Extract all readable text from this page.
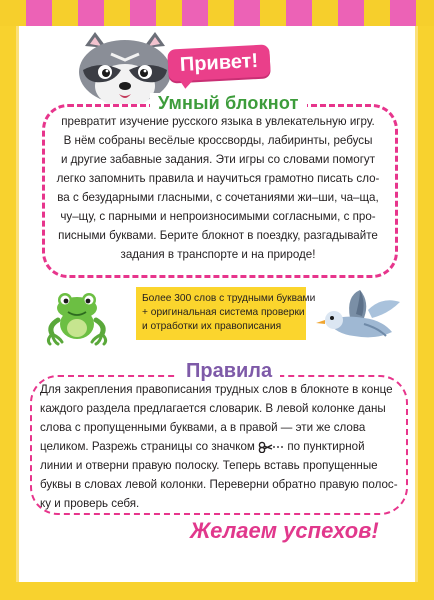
Привет!
Умный блокнот
превратит изучение русского языка в увлекательную игру.
В нём собраны весёлые кроссворды, лабиринты, ребусы
и другие забавные задания. Эти игры со словами помогут
легко запомнить правила и научиться грамотно писать сло-
ва с безударными гласными, с сочетаниями жи–ши, ча–ща,
чу–щу, с парными и непроизносимыми согласными, с про-
писными буквами. Берите блокнот в поездку, разгадывайте
задания в транспорте и на природе!
Более 300 слов с трудными буквами
+ оригинальная система проверки
и отработки их правописания
Правила
Для закрепления правописания трудных слов в блокноте в конце
каждого раздела предлагается словарик. В левой колонке даны
слова с пропущенными буквами, а в правой — эти же слова
целиком. Разрежь страницы со значком	по пунктирной
линии и отверни правую полоску. Теперь вставь пропущенные
буквы в словах левой колонки. Переверни обратно правую полос-
ку и проверь себя.
Желаем успехов!
